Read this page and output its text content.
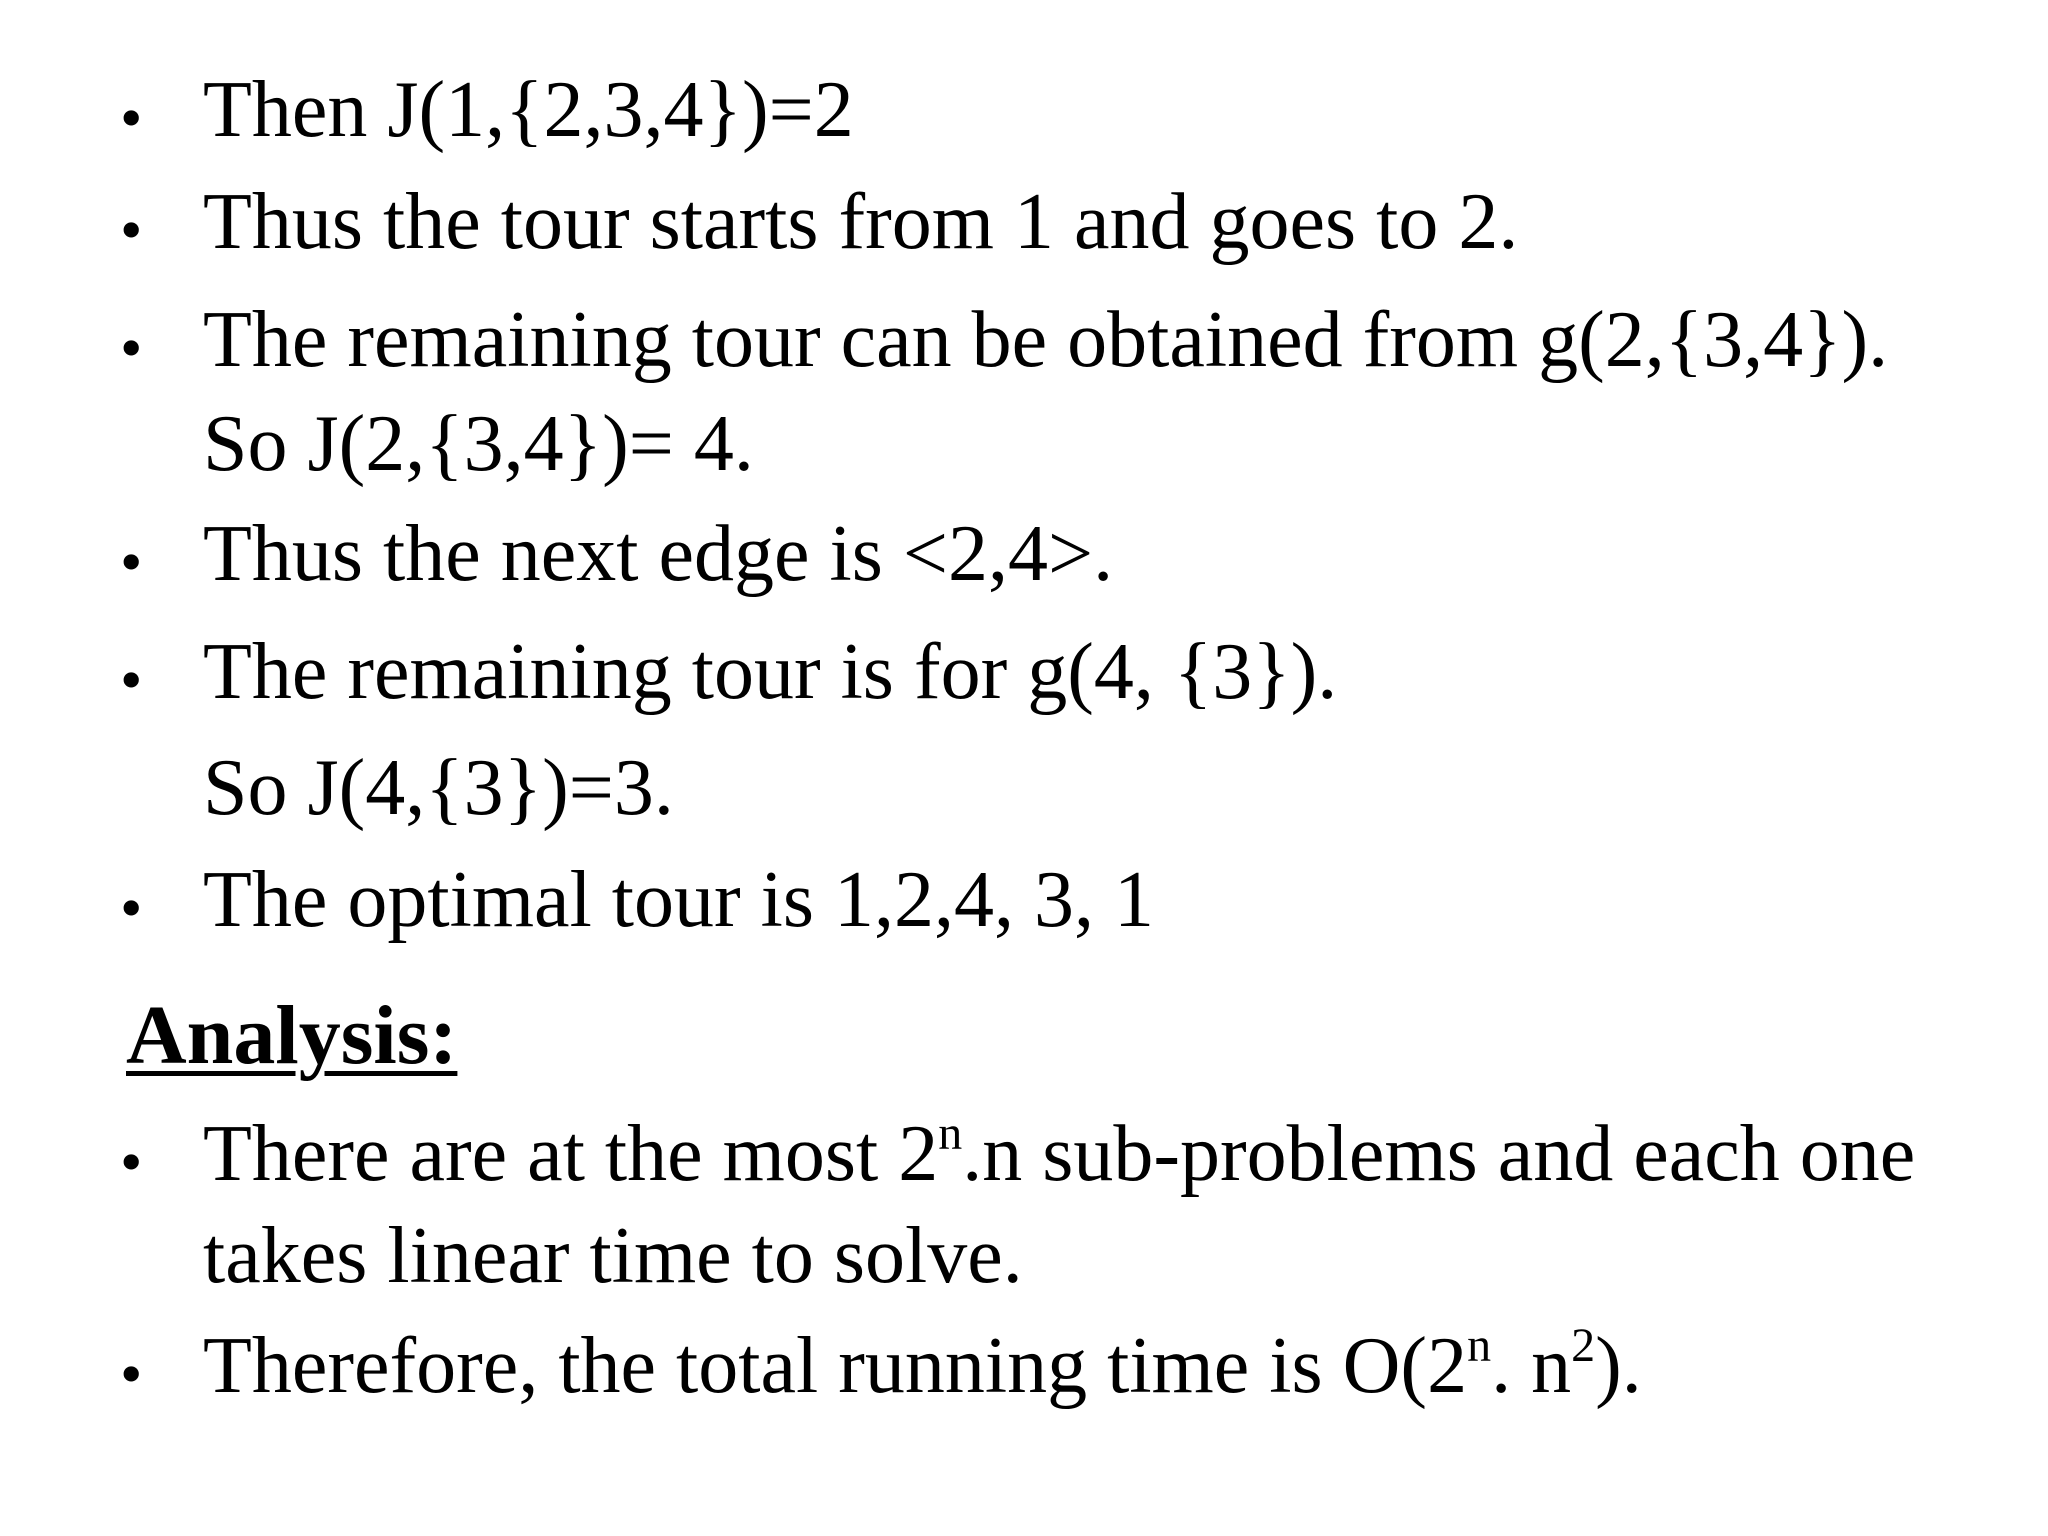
• Then J(1,{2,3,4})=2
• Thus the tour starts from 1 and goes to 2.
• The remaining tour can be obtained from g(2,{3,4}).
So J(2,{3,4})= 4.
• Thus the next edge is <2,4>.
• The remaining tour is for g(4, {3}).
So J(4,{3})=3.
• The optimal tour is 1,2,4, 3, 1
Analysis:
• There are at the most 2$^n$.n sub-problems and each one
takes linear time to solve.
• Therefore, the total running time is O(2$^n$. $n^2$).
